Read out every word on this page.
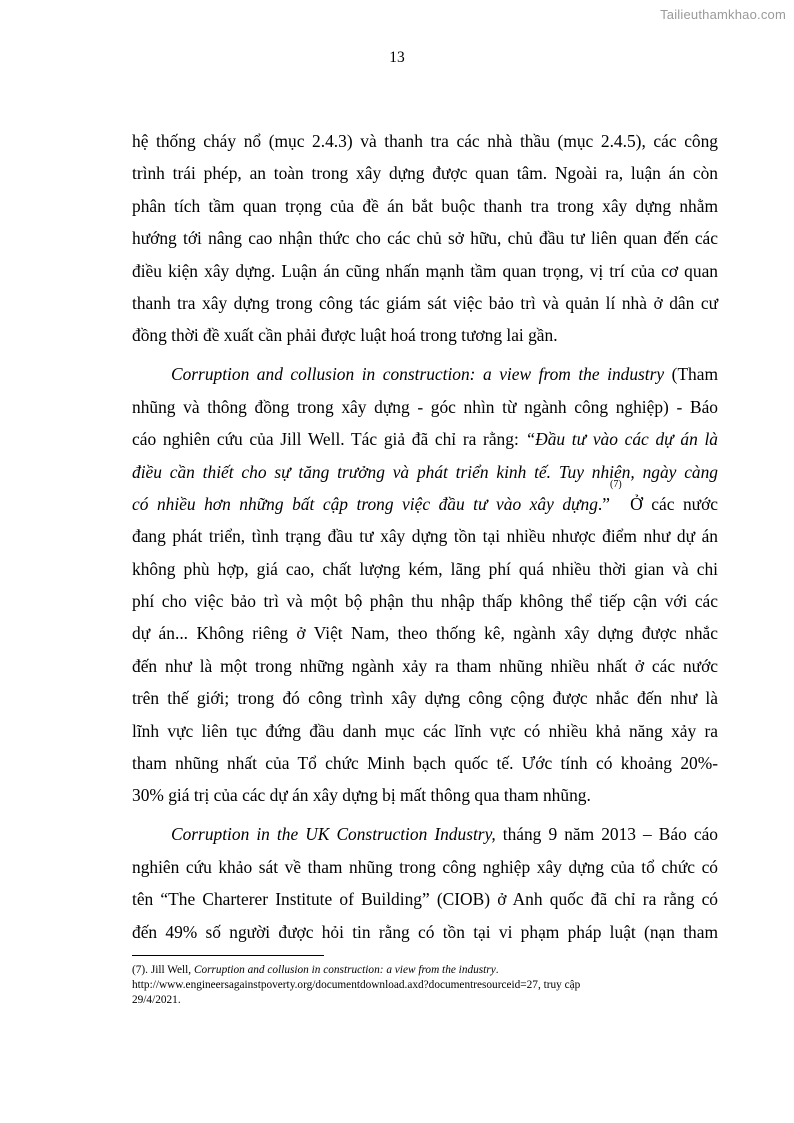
Tailieuthamkhao.com
13
hệ thống cháy nổ (mục 2.4.3) và thanh tra các nhà thầu (mục 2.4.5), các công
trình trái phép, an toàn trong xây dựng được quan tâm. Ngoài ra, luận án còn
phân tích tầm quan trọng của đề án bắt buộc thanh tra trong xây dựng nhằm
hướng tới nâng cao nhận thức cho các chủ sở hữu, chủ đầu tư liên quan đến các
điều kiện xây dựng. Luận án cũng nhấn mạnh tầm quan trọng, vị trí của cơ quan
thanh tra xây dựng trong công tác giám sát việc bảo trì và quản lí nhà ở dân cư
đồng thời đề xuất cần phải được luật hoá trong tương lai gần.
Corruption and collusion in construction: a view from the industry (Tham
nhũng và thông đồng trong xây dựng - góc nhìn từ ngành công nghiệp) - Báo
cáo nghiên cứu của Jill Well. Tác giả đã chỉ ra rằng: “Đầu tư vào các dự án là
điều cần thiết cho sự tăng trưởng và phát triển kinh tế. Tuy nhiên, ngày càng
có nhiều hơn những bất cập trong việc đầu tư vào xây dựng.”$^{(7)}$ Ở các nước
đang phát triển, tình trạng đầu tư xây dựng tồn tại nhiều nhược điểm như dự án
không phù hợp, giá cao, chất lượng kém, lãng phí quá nhiều thời gian và chi
phí cho việc bảo trì và một bộ phận thu nhập thấp không thể tiếp cận với các
dự án... Không riêng ở Việt Nam, theo thống kê, ngành xây dựng được nhắc
đến như là một trong những ngành xảy ra tham nhũng nhiều nhất ở các nước
trên thế giới; trong đó công trình xây dựng công cộng được nhắc đến như là
lĩnh vực liên tục đứng đầu danh mục các lĩnh vực có nhiều khả năng xảy ra
tham nhũng nhất của Tổ chức Minh bạch quốc tế. Ước tính có khoảng 20%-
30% giá trị của các dự án xây dựng bị mất thông qua tham nhũng.
Corruption in the UK Construction Industry, tháng 9 năm 2013 – Báo cáo
nghiên cứu khảo sát về tham nhũng trong công nghiệp xây dựng của tổ chức có
tên “The Charterer Institute of Building” (CIOB) ở Anh quốc đã chỉ ra rằng có
đến 49% số người được hỏi tin rằng có tồn tại vi phạm pháp luật (nạn tham
(7). Jill Well, Corruption and collusion in construction: a view from the industry.
http://www.engineersagainstpoverty.org/documentdownload.axd?documentresourceid=27, truy cập
29/4/2021.
